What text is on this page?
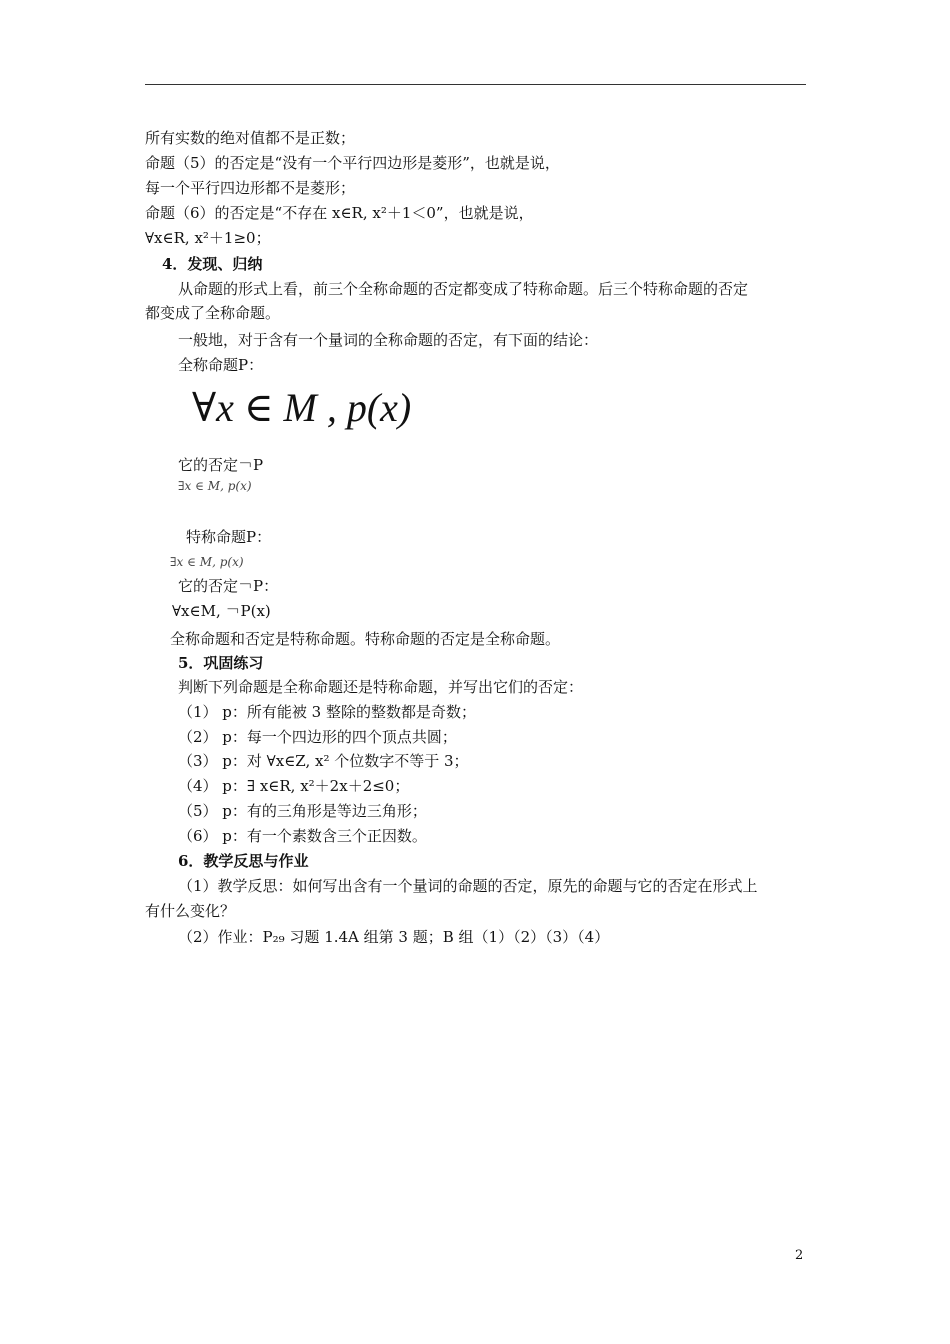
所有实数的绝对值都不是正数；
命题（5）的否定是“没有一个平行四边形是菱形”，也就是说，
每一个平行四边形都不是菱形；
命题（6）的否定是“不存在 x∈R, x²＋1＜0”，也就是说，
∀x∈R, x²＋1≥0；
4．发现、归纳
从命题的形式上看，前三个全称命题的否定都变成了特称命题。后三个特称命题的否定
都变成了全称命题。
一般地，对于含有一个量词的全称命题的否定，有下面的结论：
全称命题P：
∀x ∈ M , p(x)
它的否定￢P
∃x ∈ M, p(x)
特称命题P：
∃x ∈ M, p(x)
它的否定￢P：
∀x∈M, ￢P(x)
全称命题和否定是特称命题。特称命题的否定是全称命题。
5．巩固练习
判断下列命题是全称命题还是特称命题，并写出它们的否定：
（1） p：所有能被 3 整除的整数都是奇数；
（2） p：每一个四边形的四个顶点共圆；
（3） p：对 ∀x∈Z, x² 个位数字不等于 3；
（4） p：∃ x∈R, x²＋2x＋2≤0；
（5） p：有的三角形是等边三角形；
（6） p：有一个素数含三个正因数。
6．教学反思与作业
（1）教学反思：如何写出含有一个量词的命题的否定，原先的命题与它的否定在形式上
有什么变化？
（2）作业：P₂₉ 习题 1.4A 组第 3 题；B 组（1）（2）（3）（4）
2
